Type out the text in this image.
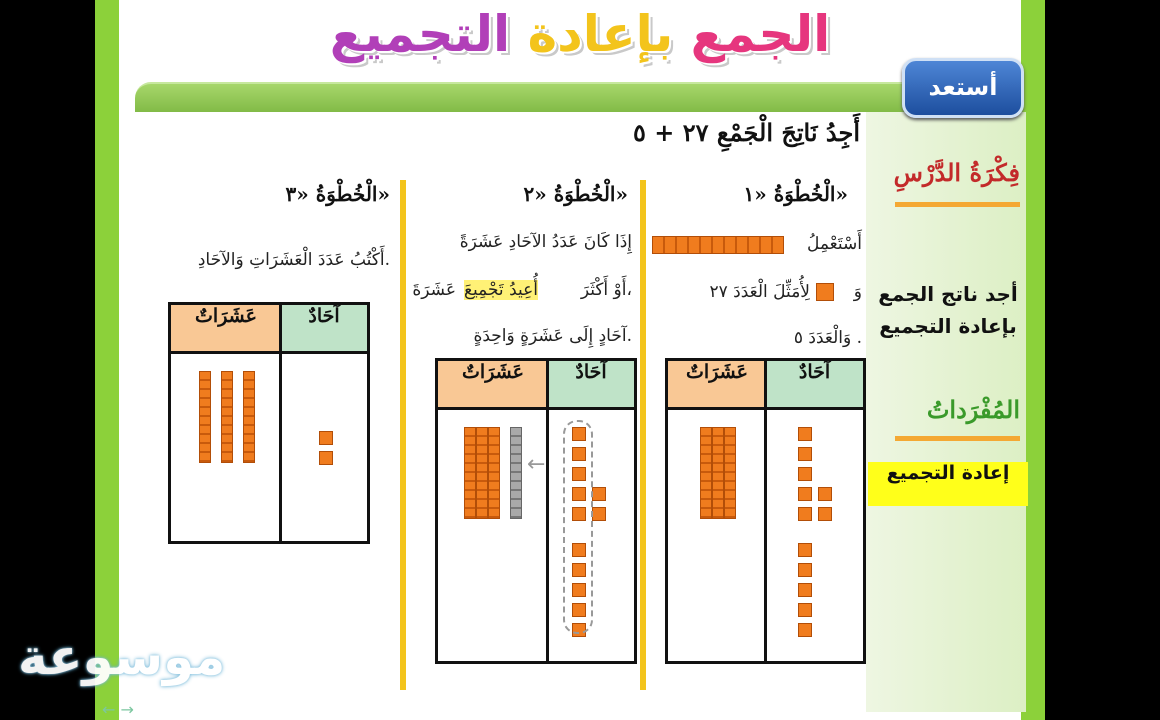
التجميع بإعادة الجمع
أستعد
فِكْرَةُ الدَّرْسِ
أجد ناتج الجمع بإعادة التجميع
المُفْرَداتُ
إعادة التجميع
أَجِدُ نَاتِجَ الْجَمْعِ ٢٧ + ٥
الْخُطْوَةُ «١»
أَسْتَعْمِلُ
وَ
لِأُمَثِّلَ الْعَدَدَ ٢٧
وَالْعَدَدَ ٥ .
عَشَرَاتٌ	آحَادٌ
الْخُطْوَةُ «٢»
إِذَا كَانَ عَدَدُ الآحَادِ عَشَرَةً
أَوْ أَكْثَرَ،
أُعِيدُ تَجْمِيعَ
عَشَرَةَ
آحَادٍ إِلَى عَشَرَةٍ وَاحِدَةٍ.
عَشَرَاتٌ	آحَادٌ
←
الْخُطْوَةُ «٣»
أَكْتُبُ عَدَدَ الْعَشَرَاتِ وَالآحَادِ.
عَشَرَاتٌ	آحَادٌ
موسوعة
← →
